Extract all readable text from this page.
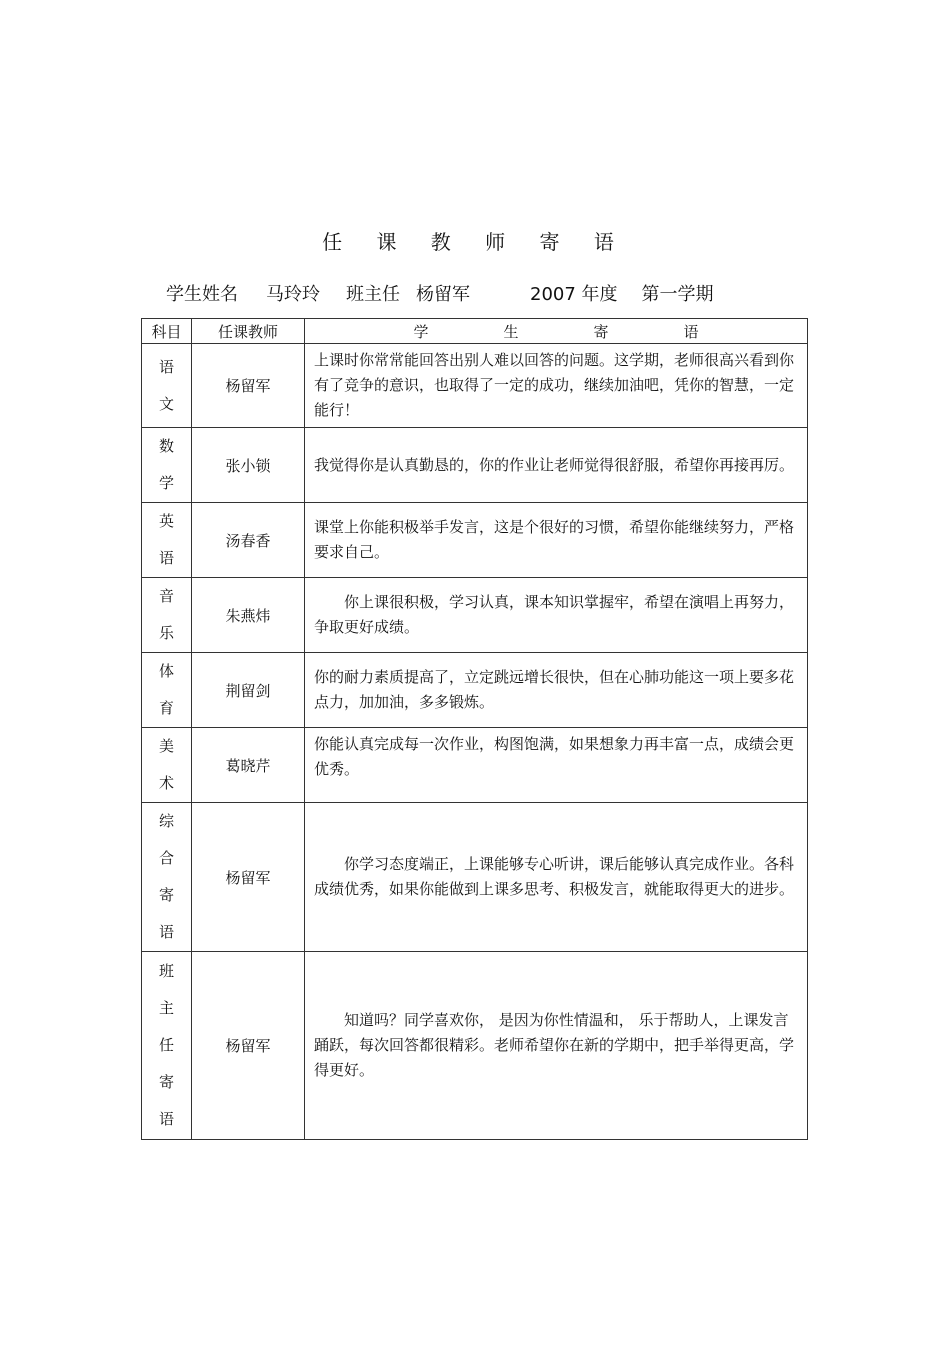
任 课 教 师 寄 语
学生姓名 马玲玲 班主任 杨留军	2007 年度 第一学期
科目	任课教师	学　　　　　生　　　　　寄　　　　　语

语
文	杨留军	上课时你常常能回答出别人难以回答的问题。这学期，老师很高兴看到你有了竞争的意识，也取得了一定的成功，继续加油吧，凭你的智慧，一定能行！

数
学	张小锁	我觉得你是认真勤恳的，你的作业让老师觉得很舒服，希望你再接再厉。

英
语	汤春香	课堂上你能积极举手发言，这是个很好的习惯，希望你能继续努力，严格要求自己。

音
乐	朱燕炜	你上课很积极，学习认真，课本知识掌握牢，希望在演唱上再努力，争取更好成绩。

体
育	荆留剑	你的耐力素质提高了，立定跳远增长很快，但在心肺功能这一项上要多花点力，加加油，多多锻炼。

美
术	葛晓芹	你能认真完成每一次作业，构图饱满，如果想象力再丰富一点，成绩会更优秀。

综
合
寄
语	杨留军	你学习态度端正，上课能够专心听讲，课后能够认真完成作业。各科成绩优秀，如果你能做到上课多思考、积极发言，就能取得更大的进步。

班
主
任
寄
语	杨留军	知道吗？同学喜欢你， 是因为你性情温和， 乐于帮助人，上课发言踊跃，每次回答都很精彩。老师希望你在新的学期中，把手举得更高，学得更好。
